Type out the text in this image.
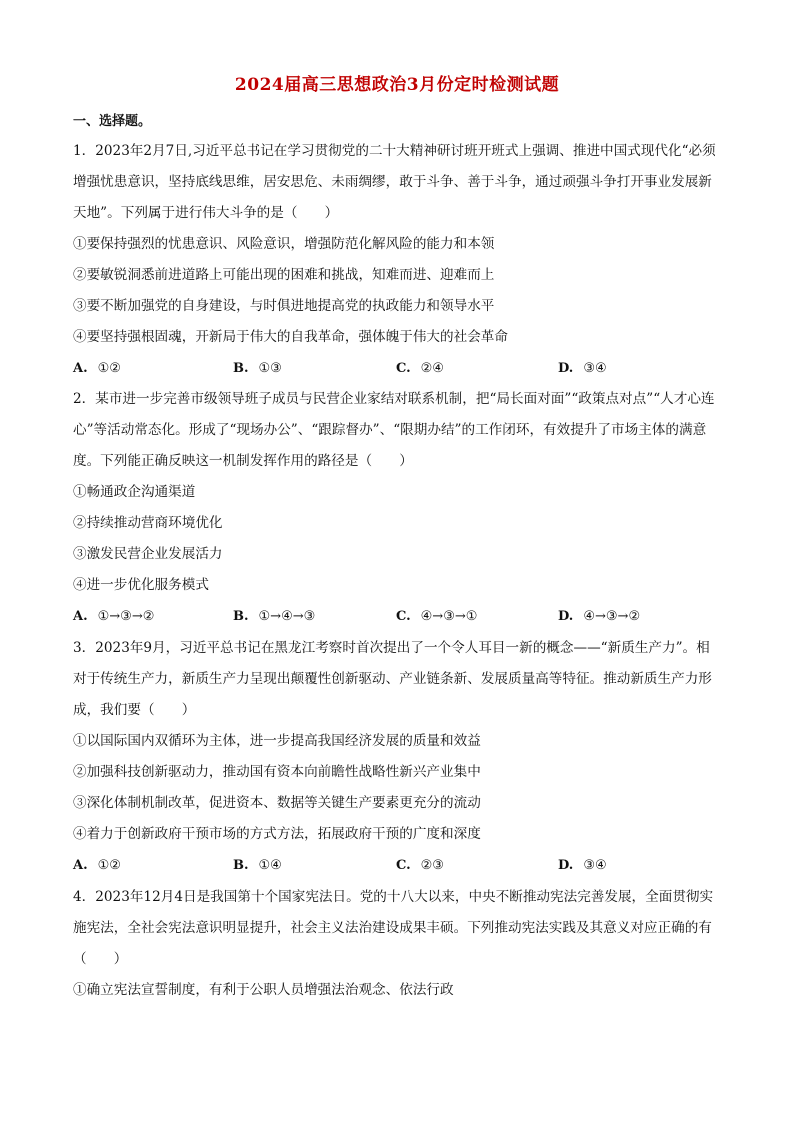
2024届高三思想政治3月份定时检测试题
一、选择题。

1．2023年2月7日,习近平总书记在学习贯彻党的二十大精神研讨班开班式上强调、推进中国式现代化“必须增强忧患意识，坚持底线思维，居安思危、未雨绸缪，敢于斗争、善于斗争，通过顽强斗争打开事业发展新天地”。下列属于进行伟大斗争的是（　　）

①要保持强烈的忧患意识、风险意识，增强防范化解风险的能力和本领

②要敏锐洞悉前进道路上可能出现的困难和挑战，知难而进、迎难而上

③要不断加强党的自身建设，与时俱进地提高党的执政能力和领导水平

④要坚持强根固魂，开新局于伟大的自我革命，强体魄于伟大的社会革命

A. ①②	B. ①③	C. ②④	D. ③④

2．某市进一步完善市级领导班子成员与民营企业家结对联系机制，把“局长面对面”“政策点对点”“人才心连心”等活动常态化。形成了“现场办公”、“跟踪督办”、“限期办结”的工作闭环，有效提升了市场主体的满意度。下列能正确反映这一机制发挥作用的路径是（　　）

①畅通政企沟通渠道

②持续推动营商环境优化

③激发民营企业发展活力

④进一步优化服务模式

A. ①→③→②	B. ①→④→③	C. ④→③→①	D. ④→③→②

3．2023年9月，习近平总书记在黑龙江考察时首次提出了一个令人耳目一新的概念——“新质生产力”。相对于传统生产力，新质生产力呈现出颠覆性创新驱动、产业链条新、发展质量高等特征。推动新质生产力形成，我们要（　　）

①以国际国内双循环为主体，进一步提高我国经济发展的质量和效益

②加强科技创新驱动力，推动国有资本向前瞻性战略性新兴产业集中

③深化体制机制改革，促进资本、数据等关键生产要素更充分的流动

④着力于创新政府干预市场的方式方法，拓展政府干预的广度和深度

A. ①②	B. ①④	C. ②③	D. ③④

4．2023年12月4日是我国第十个国家宪法日。党的十八大以来，中央不断推动宪法完善发展，全面贯彻实施宪法，全社会宪法意识明显提升，社会主义法治建设成果丰硕。下列推动宪法实践及其意义对应正确的有（　　）

①确立宪法宣誓制度，有利于公职人员增强法治观念、依法行政
